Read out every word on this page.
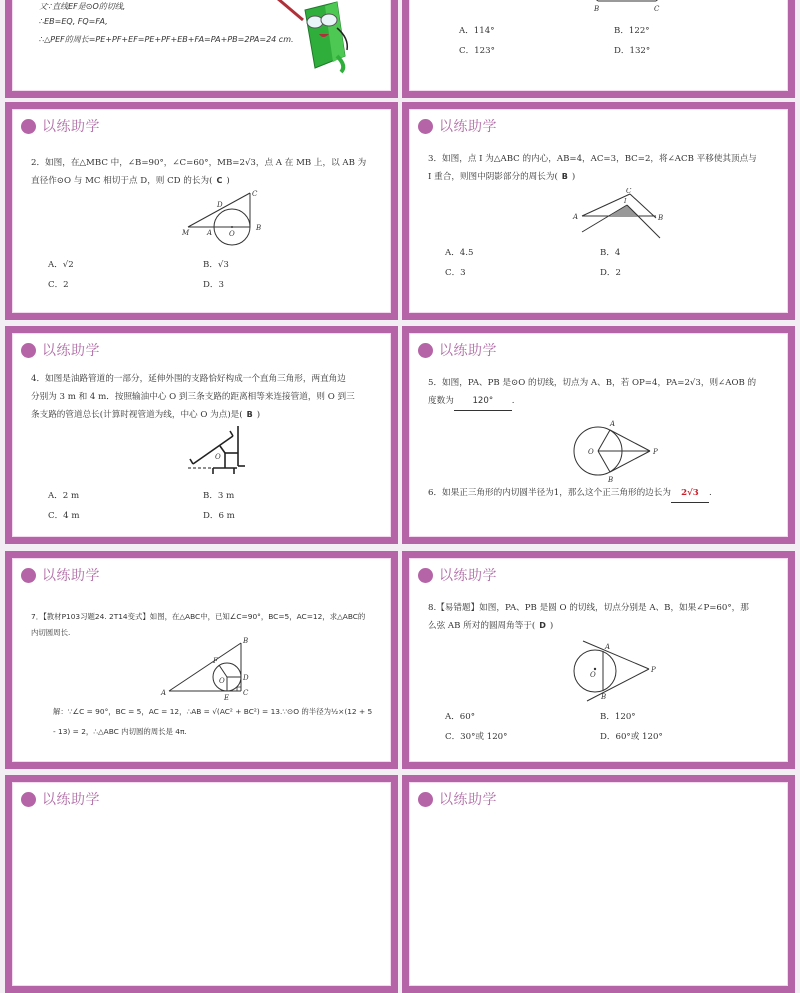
又∵直线EF是⊙O的切线,
∴EB=EQ, FQ=FA,
∴△PEF的周长=PE+PF+EF=PE+PF+EB+FA=PA+PB=2PA=24 cm.
B	C
A．114°	B．122°
C．123°	D．132°
以练助学
2．如图，在△MBC 中，∠B=90°，∠C=60°，MB=2√3，点 A 在 MB 上，以 AB 为
直径作⊙O 与 MC 相切于点 D，则 CD 的长为( C )
C
D
M	A O
B
A．√2	B．√3
C．2	D．3
以练助学
3．如图，点 I 为△ABC 的内心，AB=4，AC=3，BC=2，将∠ACB 平移使其顶点与
I 重合，则图中阴影部分的周长为( B )
C
I
A	B
A．4.5	B．4
C．3	D．2
以练助学
4．如图是油路管道的一部分，延伸外围的支路恰好构成一个直角三角形，两直角边
分别为 3 m 和 4 m．按照输油中心 O 到三条支路的距离相等来连接管道，则 O 到三
条支路的管道总长(计算时视管道为线，中心 O 为点)是( B )
O
A．2 m	B．3 m
C．4 m	D．6 m
以练助学
5．如图，PA、PB 是⊙O 的切线，切点为 A、B，若 OP=4，PA=2√3，则∠AOB 的
度数为 120° .
A
O	P
B
6．如果正三角形的内切圆半径为1，那么这个正三角形的边长为 2√3 .
以练助学
7．【教材P103习题24. 2T14变式】如图，在△ABC中，已知∠C=90°，BC=5，AC=12，求△ABC的
内切圆周长.
B
F
D
O
A
E
C
解：∵∠C = 90°，BC = 5，AC = 12，∴AB = √(AC² + BC²) = 13.∵⊙O 的半径为½×(12 + 5
- 13) = 2，∴△ABC 内切圆的周长是 4π.
以练助学
8.【易错题】如图，PA、PB 是圆 O 的切线，切点分别是 A、B，如果∠P=60°，那
么弦 AB 所对的圆周角等于( D )
A
O
P
B
A．60°	B．120°
C．30°或 120°	D．60°或 120°
以练助学	以练助学
